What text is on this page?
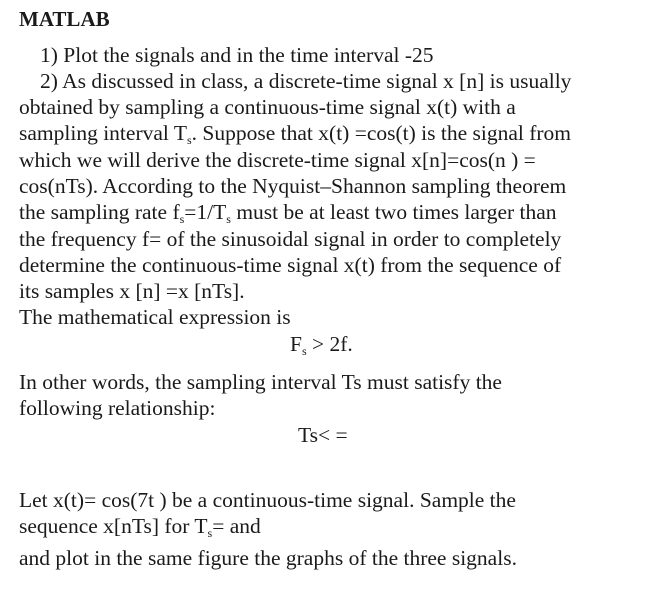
MATLAB
1) Plot the signals and in the time interval -25
2) As discussed in class, a discrete-time signal x [n] is usually
obtained by sampling a continuous-time signal x(t) with a
sampling interval $T_s$. Suppose that x(t) =cos(t) is the signal from
which we will derive the discrete-time signal x[n]=cos(n ) =
cos(nTs). According to the Nyquist–Shannon sampling theorem
the sampling rate $f_s=1/T_s$ must be at least two times larger than
the frequency f= of the sinusoidal signal in order to completely
determine the continuous-time signal x(t) from the sequence of
its samples x [n] =x [nTs].
The mathematical expression is
$F_s > 2f$.
In other words, the sampling interval Ts must satisfy the
following relationship:
Ts< =
Let x(t)= cos(7t ) be a continuous-time signal. Sample the
sequence x[nTs] for $T_s=$ and
and plot in the same figure the graphs of the three signals.
